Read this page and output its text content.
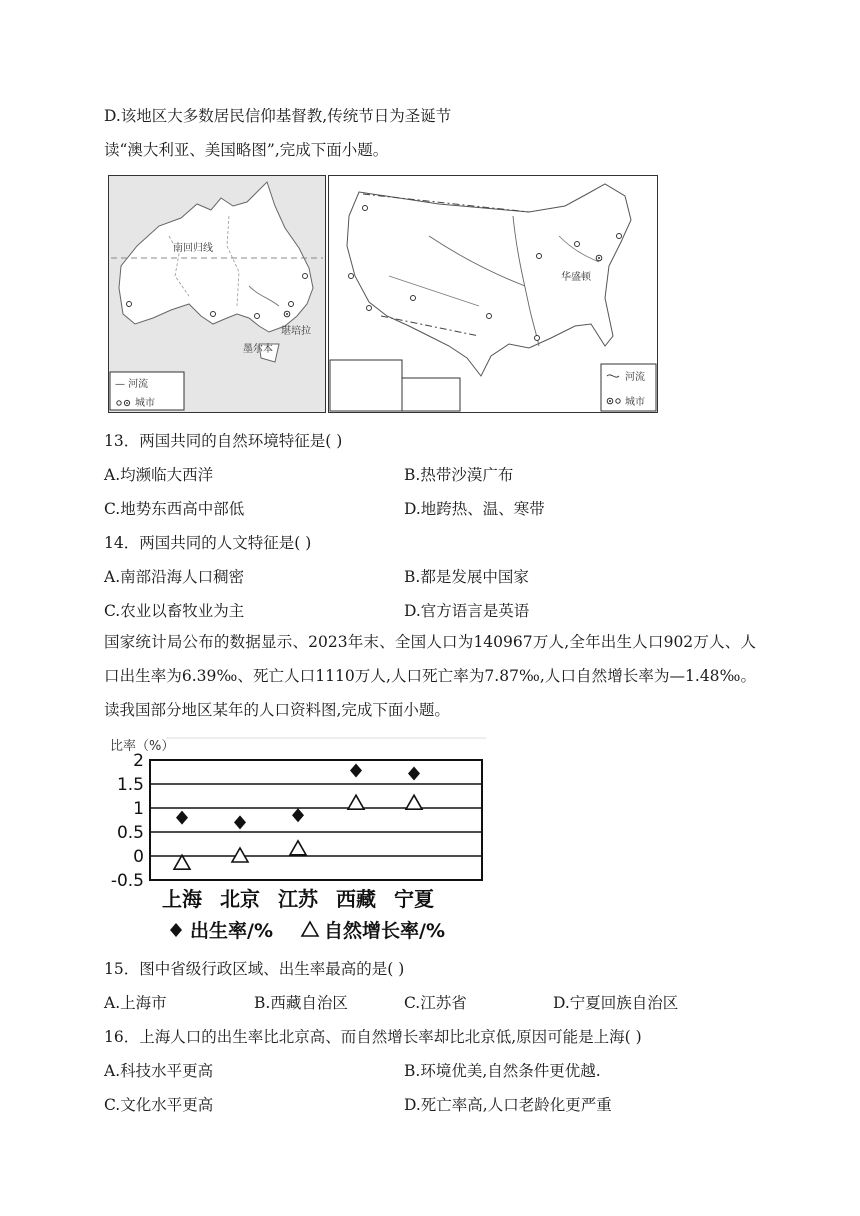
D.该地区大多数居民信仰基督教,传统节日为圣诞节
读“澳大利亚、美国略图”,完成下面小题。
南回归线
堪培拉
墨尔本
— 河流
城市
华盛顿
河流
城市
13．两国共同的自然环境特征是( )
A.均濒临大西洋	B.热带沙漠广布
C.地势东西高中部低	D.地跨热、温、寒带
14．两国共同的人文特征是( )
A.南部沿海人口稠密	B.都是发展中国家
C.农业以畜牧业为主	D.官方语言是英语
国家统计局公布的数据显示、2023年末、全国人口为140967万人,全年出生人口902万人、人口出生率为6.39‰、死亡人口1110万人,人口死亡率为7.87‰,人口自然增长率为—1.48‰。读我国部分地区某年的人口资料图,完成下面小题。
比率（%）
2
1.5
1
0.5
0
-0.5
上海 北京 江苏 西藏 宁夏
出生率/%	自然增长率/%
15．图中省级行政区域、出生率最高的是( )
A.上海市	B.西藏自治区	C.江苏省	D.宁夏回族自治区
16．上海人口的出生率比北京高、而自然增长率却比北京低,原因可能是上海( )
A.科技水平更高	B.环境优美,自然条件更优越.
C.文化水平更高	D.死亡率高,人口老龄化更严重
